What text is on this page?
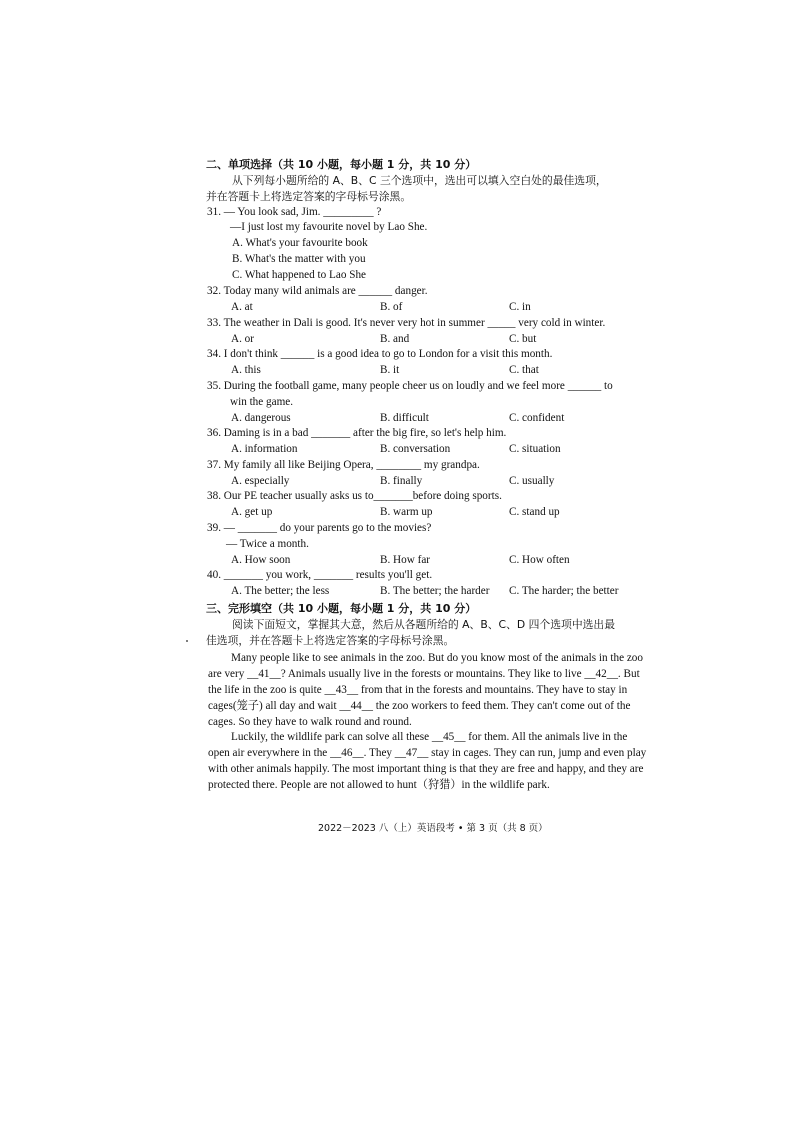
二、单项选择（共 10 小题，每小题 1 分，共 10 分）
从下列每小题所给的 A、B、C 三个选项中，选出可以填入空白处的最佳选项，
并在答题卡上将选定答案的字母标号涂黑。
31. — You look sad, Jim. _________ ?
—I just lost my favourite novel by Lao She.
A. What's your favourite book
B. What's the matter with you
C. What happened to Lao She
32. Today many wild animals are ______ danger.
A. at	B. of	C. in
33. The weather in Dali is good. It's never very hot in summer _____ very cold in winter.
A. or	B. and	C. but
34. I don't think ______ is a good idea to go to London for a visit this month.
A. this	B. it	C. that
35. During the football game, many people cheer us on loudly and we feel more ______ to
win the game.
A. dangerous	B. difficult	C. confident
36. Daming is in a bad _______ after the big fire, so let's help him.
A. information	B. conversation	C. situation
37. My family all like Beijing Opera, ________ my grandpa.
A. especially	B. finally	C. usually
38. Our PE teacher usually asks us to_______before doing sports.
A. get up	B. warm up	C. stand up
39. — _______ do your parents go to the movies?
— Twice a month.
A. How soon	B. How far	C. How often
40. _______ you work, _______ results you'll get.
A. The better; the less	B. The better; the harder C. The harder; the better
三、完形填空（共 10 小题，每小题 1 分，共 10 分）
阅读下面短文，掌握其大意，然后从各题所给的 A、B、C、D 四个选项中选出最
佳选项，并在答题卡上将选定答案的字母标号涂黑。
Many people like to see animals in the zoo. But do you know most of the animals in the zoo are very __41__? Animals usually live in the forests or mountains. They like to live __42__. But the life in the zoo is quite __43__ from that in the forests and mountains. They have to stay in cages(笼子) all day and wait __44__ the zoo workers to feed them. They can't come out of the cages. So they have to walk round and round.
Luckily, the wildlife park can solve all these __45__ for them. All the animals live in the open air everywhere in the __46__. They __47__ stay in cages. They can run, jump and even play with other animals happily. The most important thing is that they are free and happy, and they are protected there. People are not allowed to hunt（狩猎）in the wildlife park.
2022－2023 八（上）英语段考 • 第 3 页（共 8 页）
